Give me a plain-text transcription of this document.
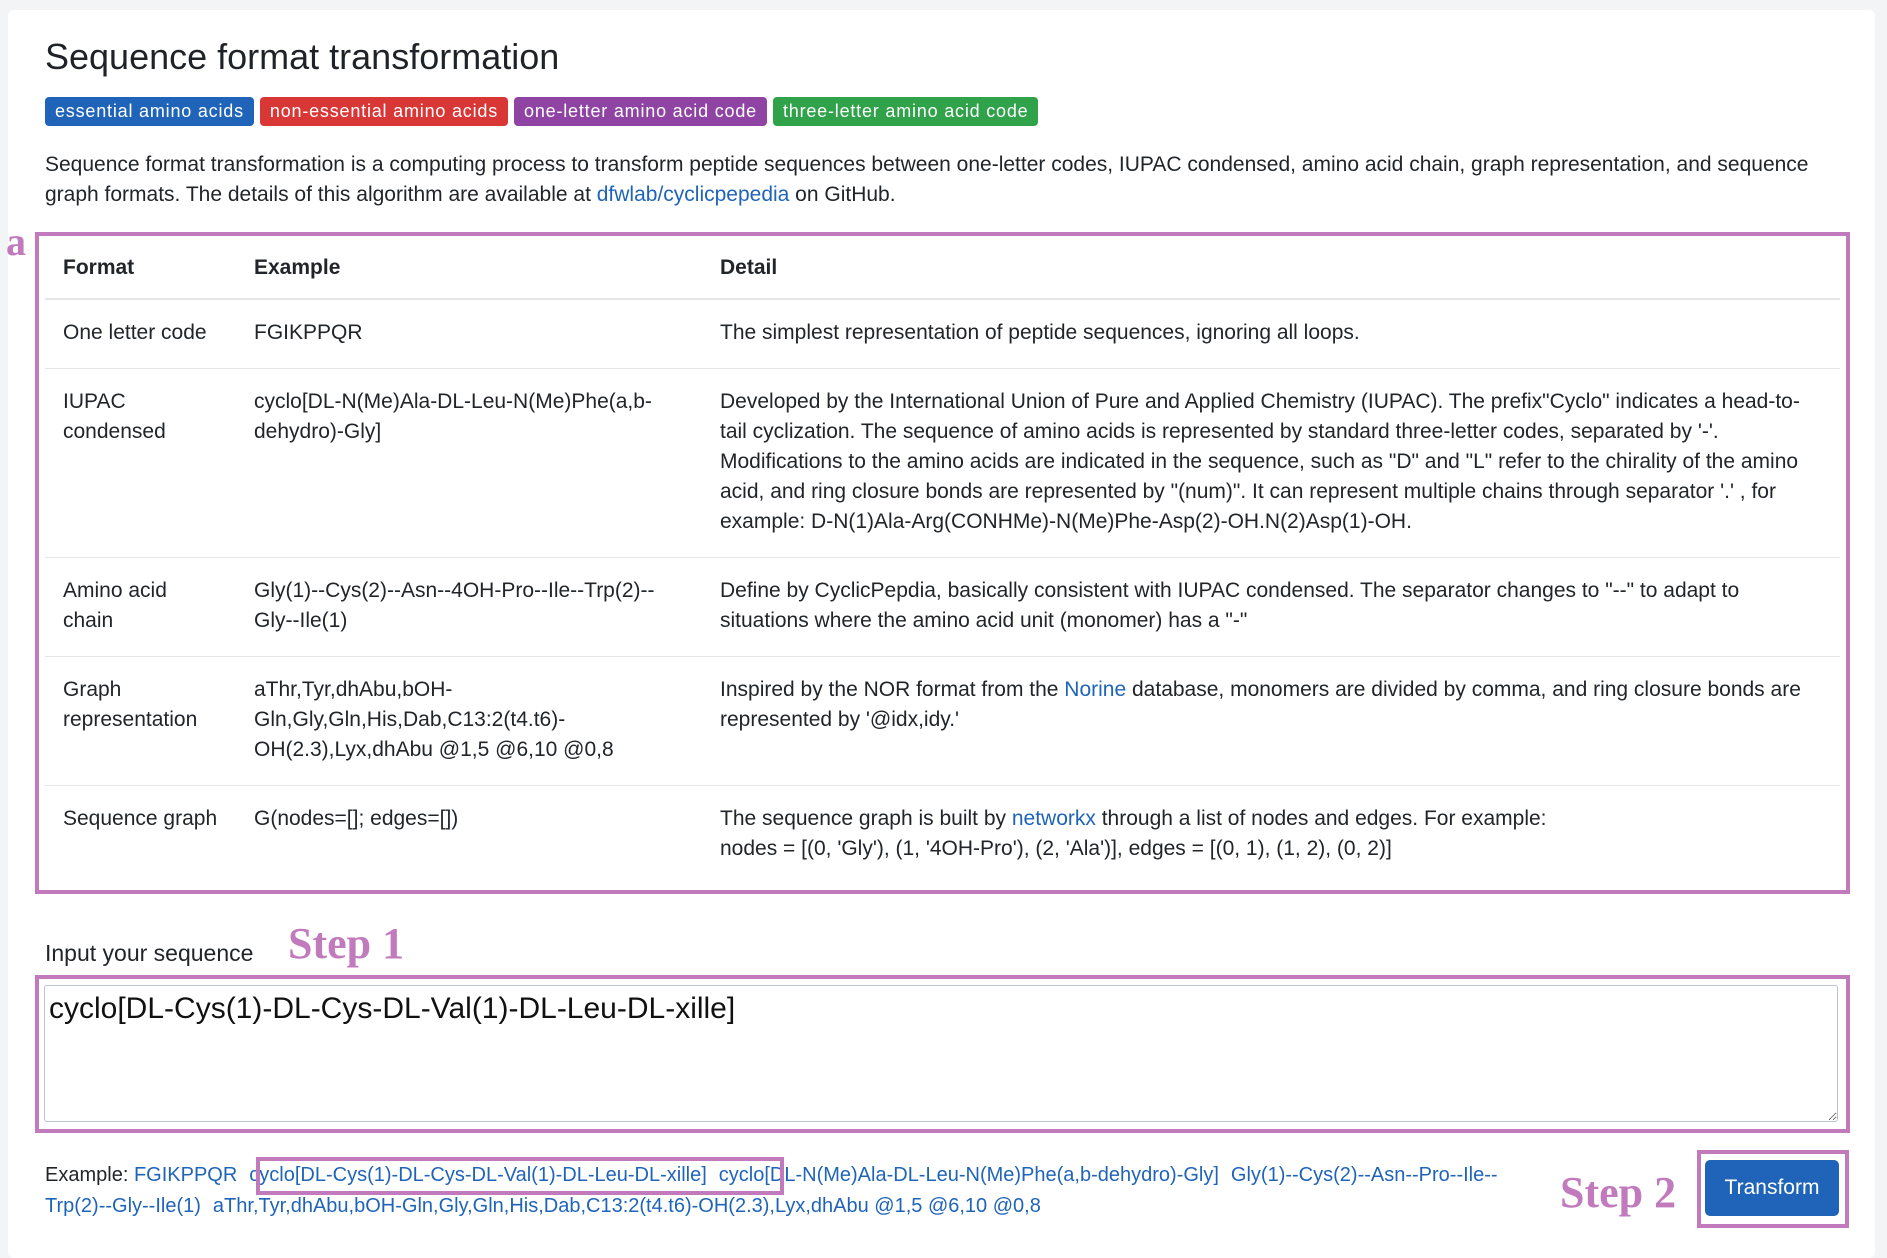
Sequence format transformation
essential amino acids	non-essential amino acids	one-letter amino acid code	three-letter amino acid code

Sequence format transformation is a computing process to transform peptide sequences between one-letter codes, IUPAC condensed, amino acid chain, graph representation, and sequence graph formats. The details of this algorithm are available at dfwlab/cyclicpepedia on GitHub.

a
Format	Example	Detail
One letter code	FGIKPPQR	The simplest representation of peptide sequences, ignoring all loops.
IUPAC condensed	cyclo[DL-N(Me)Ala-DL-Leu-N(Me)Phe(a,b-dehydro)-Gly]	Developed by the International Union of Pure and Applied Chemistry (IUPAC). The prefix"Cyclo" indicates a head-to-tail cyclization. The sequence of amino acids is represented by standard three-letter codes, separated by '-'. Modifications to the amino acids are indicated in the sequence, such as "D" and "L" refer to the chirality of the amino acid, and ring closure bonds are represented by "(num)". It can represent multiple chains through separator '.' , for example: D-N(1)Ala-Arg(CONHMe)-N(Me)Phe-Asp(2)-OH.N(2)Asp(1)-OH.
Amino acid chain	Gly(1)--Cys(2)--Asn--4OH-Pro--Ile--Trp(2)--Gly--Ile(1)	Define by CyclicPepdia, basically consistent with IUPAC condensed. The separator changes to "--" to adapt to situations where the amino acid unit (monomer) has a "-"
Graph representation	aThr,Tyr,dhAbu,bOH-Gln,Gly,Gln,His,Dab,C13:2(t4.t6)-OH(2.3),Lyx,dhAbu @1,5 @6,10 @0,8	Inspired by the NOR format from the Norine database, monomers are divided by comma, and ring closure bonds are represented by '@idx,idy.'
Sequence graph	G(nodes=[]; edges=[])	The sequence graph is built by networkx through a list of nodes and edges. For example:
nodes = [(0, 'Gly'), (1, '4OH-Pro'), (2, 'Ala')], edges = [(0, 1), (1, 2), (0, 2)]
Input your sequence Step 1
cyclo[DL-Cys(1)-DL-Cys-DL-Val(1)-DL-Leu-DL-xille]
Example: FGIKPPQR cyclo[DL-Cys(1)-DL-Cys-DL-Val(1)-DL-Leu-DL-xille] cyclo[DL-N(Me)Ala-DL-Leu-N(Me)Phe(a,b-dehydro)-Gly] Gly(1)--Cys(2)--Asn--Pro--Ile--Trp(2)--Gly--Ile(1) aThr,Tyr,dhAbu,bOH-Gln,Gly,Gln,His,Dab,C13:2(t4.t6)-OH(2.3),Lyx,dhAbu @1,5 @6,10 @0,8	Step 2	Transform
